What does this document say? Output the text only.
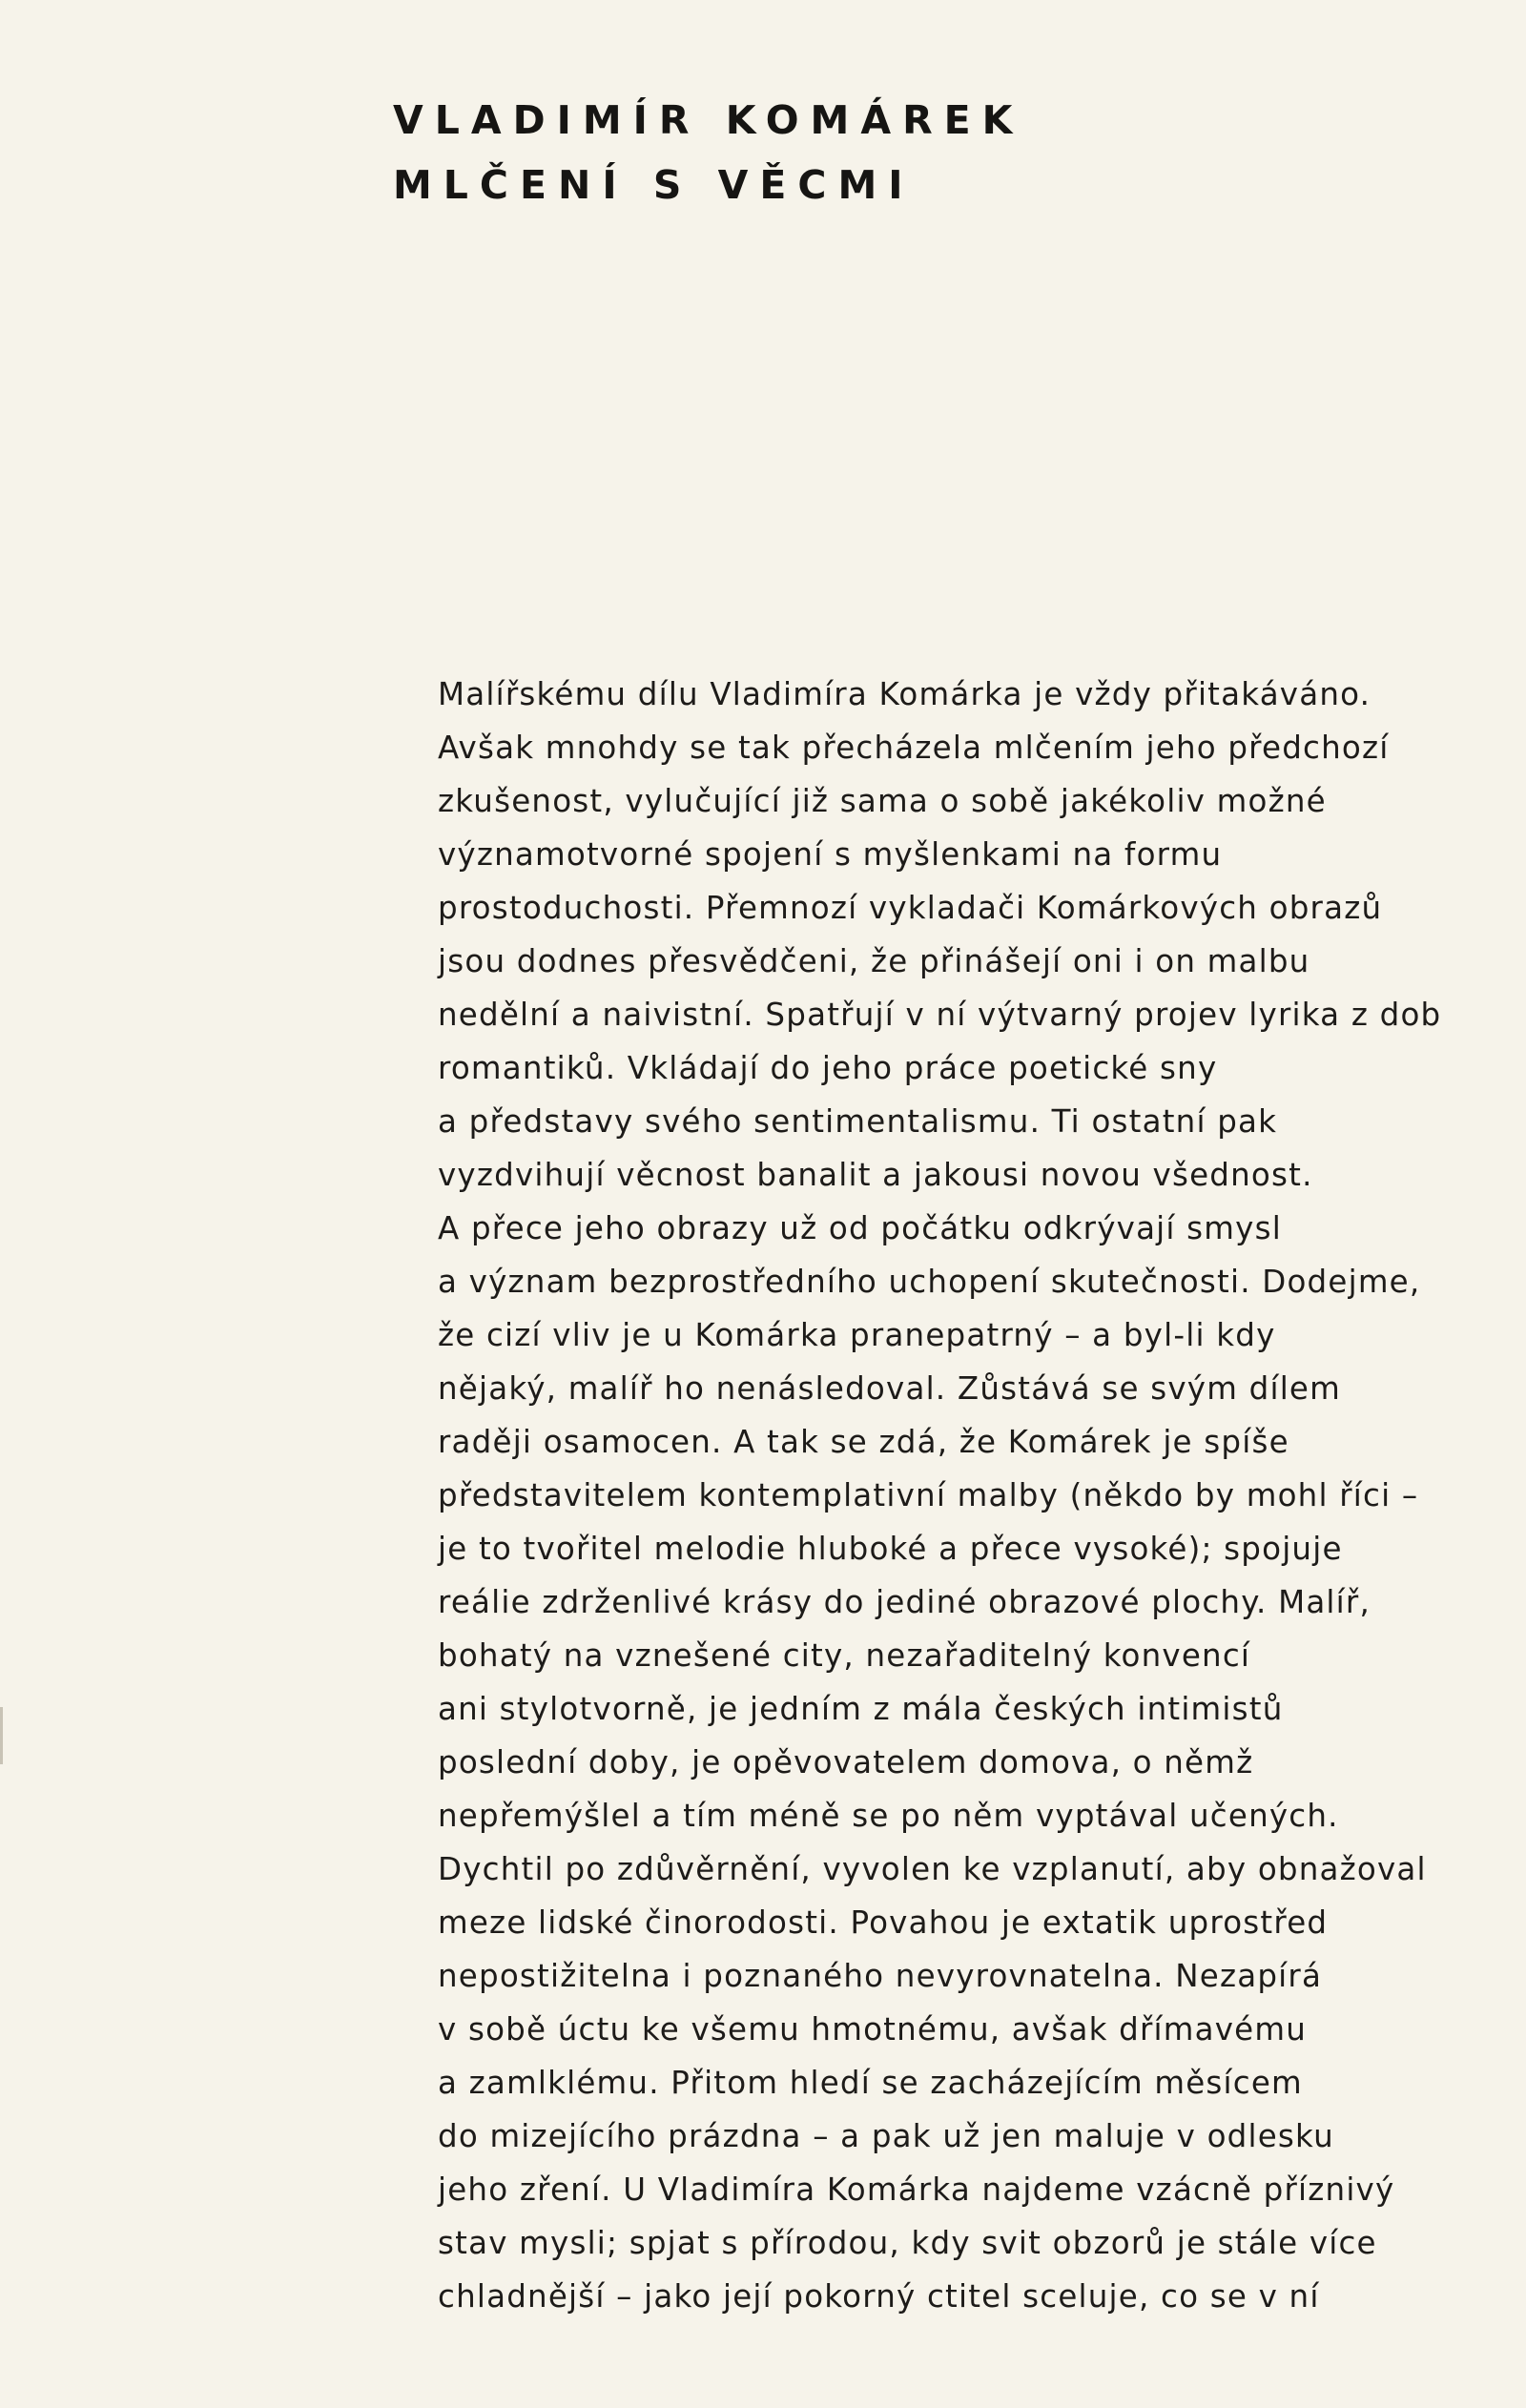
VLADIMÍR KOMÁREK
MLČENÍ S VĚCMI
Malířskému dílu Vladimíra Komárka je vždy přitakáváno.
Avšak mnohdy se tak přecházela mlčením jeho předchozí
zkušenost, vylučující již sama o sobě jakékoliv možné
významotvorné spojení s myšlenkami na formu
prostoduchosti. Přemnozí vykladači Komárkových obrazů
jsou dodnes přesvědčeni, že přinášejí oni i on malbu
nedělní a naivistní. Spatřují v ní výtvarný projev lyrika z dob
romantiků. Vkládají do jeho práce poetické sny
a představy svého sentimentalismu. Ti ostatní pak
vyzdvihují věcnost banalit a jakousi novou všednost.
A přece jeho obrazy už od počátku odkrývají smysl
a význam bezprostředního uchopení skutečnosti. Dodejme,
že cizí vliv je u Komárka pranepatrný – a byl-li kdy
nějaký, malíř ho nenásledoval. Zůstává se svým dílem
raději osamocen. A tak se zdá, že Komárek je spíše
představitelem kontemplativní malby (někdo by mohl říci –
je to tvořitel melodie hluboké a přece vysoké); spojuje
reálie zdrženlivé krásy do jediné obrazové plochy. Malíř,
bohatý na vznešené city, nezařaditelný konvencí
ani stylotvorně, je jedním z mála českých intimistů
poslední doby, je opěvovatelem domova, o němž
nepřemýšlel a tím méně se po něm vyptával učených.
Dychtil po zdůvěrnění, vyvolen ke vzplanutí, aby obnažoval
meze lidské činorodosti. Povahou je extatik uprostřed
nepostižitelna i poznaného nevyrovnatelna. Nezapírá
v sobě úctu ke všemu hmotnému, avšak dřímavému
a zamlklému. Přitom hledí se zacházejícím měsícem
do mizejícího prázdna – a pak už jen maluje v odlesku
jeho zření. U Vladimíra Komárka najdeme vzácně příznivý
stav mysli; spjat s přírodou, kdy svit obzorů je stále více
chladnější – jako její pokorný ctitel sceluje, co se v ní
